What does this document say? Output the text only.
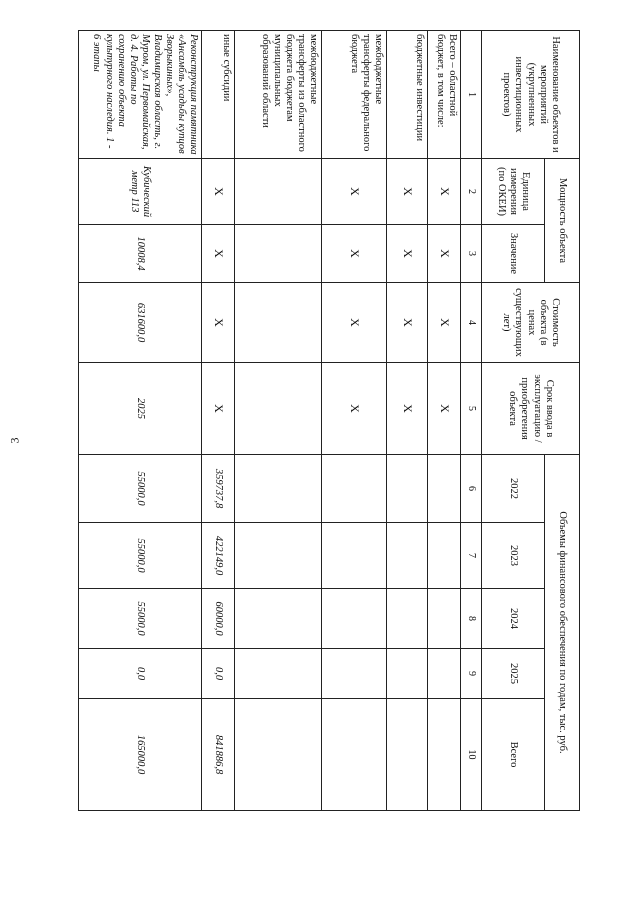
3
Наименование объектов и мероприятий (укрупненных инвестиционных проектов)	Мощность объекта		Стоимость объекта (в ценах существующих лет)	Срок ввода в эксплуатацию / приобретения объекта	Объемы финансового обеспечения по годам, тыс. руб.				
	Единица измерения (по ОКЕИ)	Значение			2022	2023	2024	2025	Всего
1	2	3	4	5	6	7	8	9	10
Всего – областной бюджет, в том числе:	Х	Х	Х	Х					
бюджетные инвестиции	Х	Х	Х	Х					
межбюджетные трансферты федерального бюджета	Х	Х	Х	Х					
межбюджетные трансферты из областного бюджета бюджетам муниципальных образований области									
иные субсидии	Х	Х	Х	Х	359737,8	422149,0	60000,0	0,0	841886,8
Реконструкция памятника «Ансамбль усадьбы купцов Зворыкиных», Владимирская область, г. Муром, ул. Первомайская, д. 4. Работы по сохранению объекта культурного наследия. 1 - 6 этапы	Кубический метр 113	10008,4	631600,0	2025	55000,0	55000,0	55000,0	0,0	165000,0
